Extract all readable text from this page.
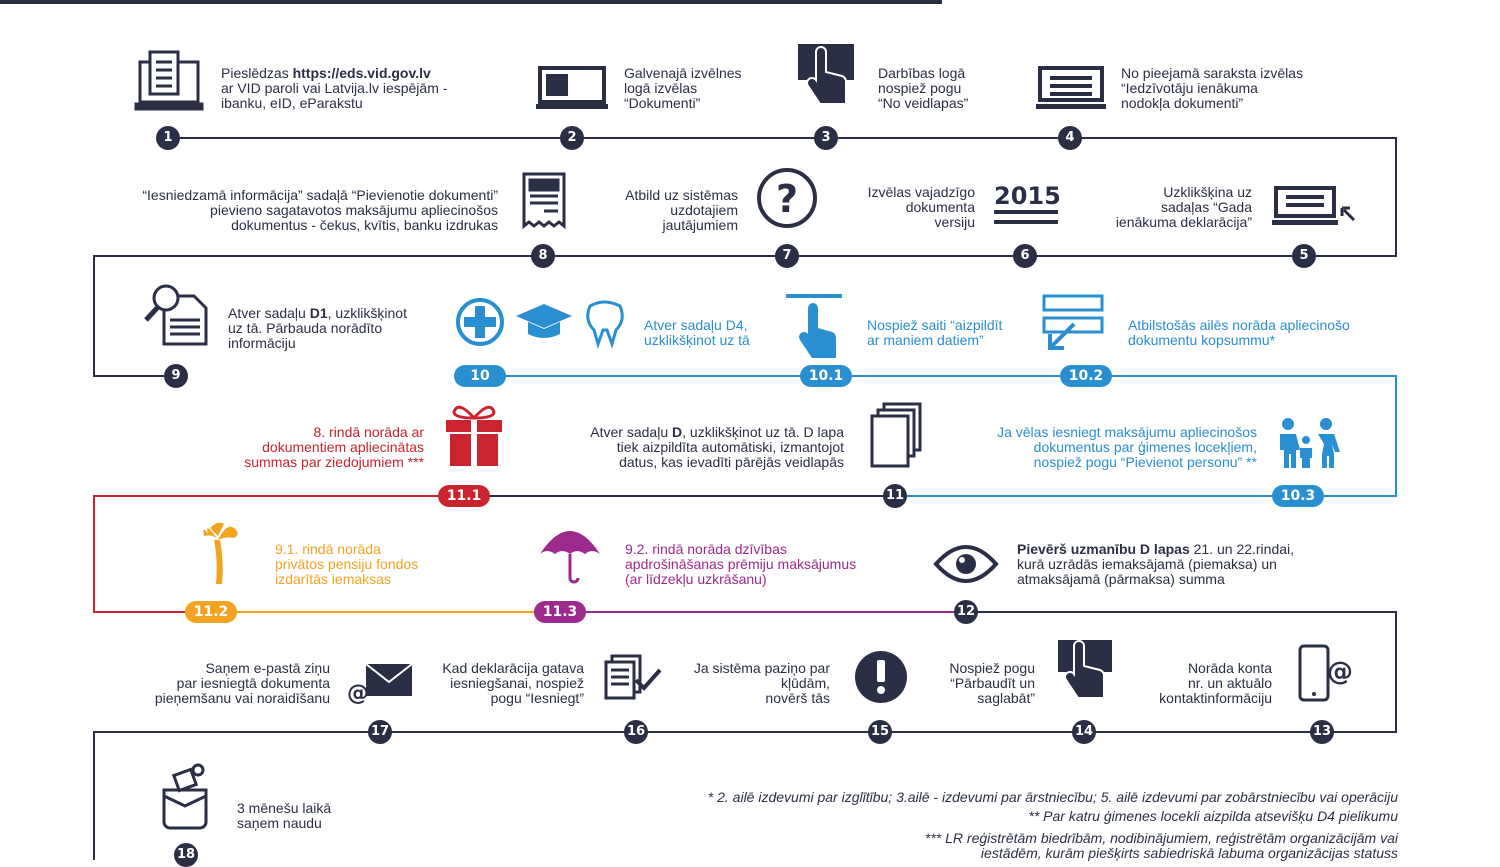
2015
?
@
@
Pieslēdzas https://eds.vid.gov.lv
ar VID paroli vai Latvija.lv iespējām -
ibanku, eID, eParakstu
Galvenajā izvēlnes
logā izvēlas
“Dokumenti”
Darbības logā
nospiež pogu
“No veidlapas”
No pieejamā saraksta izvēlas
“Iedzīvotāju ienākuma
nodokļa dokumenti”
Uzklikšķina uz
sadaļas “Gada
ienākuma deklarācija”
Izvēlas vajadzīgo
dokumenta
versiju
Atbild uz sistēmas
uzdotajiem
jautājumiem
“Iesniedzamā informācija” sadaļā “Pievienotie dokumenti”
pievieno sagatavotos maksājumu apliecinošos
dokumentus - čekus, kvītis, banku izdrukas
Atver sadaļu D1, uzklikšķinot
uz tā. Pārbauda norādīto
informāciju
Atver sadaļu D4,
uzklikšķinot uz tā
Nospiež saiti “aizpildīt
ar maniem datiem”
Atbilstošās ailēs norāda apliecinošo
dokumentu kopsummu*
8. rindā norāda ar
dokumentiem apliecinātas
summas par ziedojumiem ***
Atver sadaļu D, uzklikšķinot uz tā. D lapa
tiek aizpildīta automātiski, izmantojot
datus, kas ievadīti pārējās veidlapās
Ja vēlas iesniegt maksājumu apliecinošos
dokumentus par ģimenes locekļiem,
nospiež pogu “Pievienot personu” **
9.1. rindā norāda
privātos pensiju fondos
izdarītās iemaksas
9.2. rindā norāda dzīvības
apdrošināšanas prēmiju maksājumus
(ar līdzekļu uzkrāšanu)
Pievērš uzmanību D lapas 21. un 22.rindai,
kurā uzrādās iemaksājamā (piemaksa) un
atmaksājamā (pārmaksa) summa
Norāda konta
nr. un aktuālo
kontaktinformāciju
Nospiež pogu
“Pārbaudīt un
saglabāt”
Ja sistēma paziņo par
kļūdām,
novērš tās
Kad deklarācija gatava
iesniegšanai, nospiež
pogu “Iesniegt”
Saņem e-pastā ziņu
par iesniegtā dokumenta
pieņemšanu vai noraidīšanu
3 mēnešu laikā
saņem naudu
* 2. ailē izdevumi par izglītību; 3.ailē - izdevumi par ārstniecību; 5. ailē izdevumi par zobārstniecību vai operāciju
** Par katru ģimenes locekli aizpilda atsevišķu D4 pielikumu
*** LR reģistrētām biedrībām, nodibinājumiem, reģistrētām organizācijām vai
iestādēm, kurām piešķirts sabiedriskā labuma organizācijas statuss
1	2	3	4
5
6
7
8
9	10	10.1	10.2
11.1	11	10.3
11.2	11.3	12
13
14
15
16
17
18
